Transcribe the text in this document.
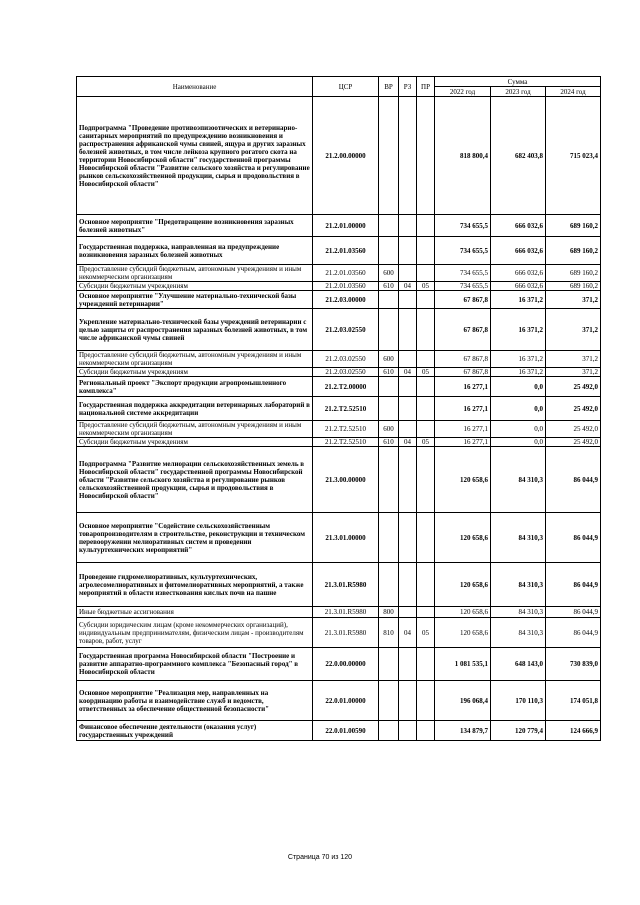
Наименование	ЦСР	ВР	РЗ	ПР	Сумма		
					2022 год	2023 год	2024 год
Подпрограмма "Проведение противоэпизоотических и ветеринарно-санитарных мероприятий по предупреждению возникновения и распространения африканской чумы свиней, ящура и других заразных болезней животных, в том числе лейкоза крупного рогатого скота на территории Новосибирской области" государственной программы Новосибирской области "Развитие сельского хозяйства и регулирование рынков сельскохозяйственной продукции, сырья и продовольствия в Новосибирской области"	21.2.00.00000				818 800,4	682 403,8	715 023,4
Основное мероприятие "Предотвращение возникновения заразных болезней животных"	21.2.01.00000				734 655,5	666 032,6	689 160,2
Государственная поддержка, направленная на предупреждение возникновения заразных болезней животных	21.2.01.03560				734 655,5	666 032,6	689 160,2
Предоставление субсидий бюджетным, автономным учреждениям и иным некоммерческим организациям	21.2.01.03560	600			734 655,5	666 032,6	689 160,2
Субсидии бюджетным учреждениям	21.2.01.03560	610	04	05	734 655,5	666 032,6	689 160,2
Основное мероприятие "Улучшение материально-технической базы учреждений ветеринарии"	21.2.03.00000				67 867,8	16 371,2	371,2
Укрепление материально-технической базы учреждений ветеринарии с целью защиты от распространения заразных болезней животных, в том числе африканской чумы свиней	21.2.03.02550				67 867,8	16 371,2	371,2
Предоставление субсидий бюджетным, автономным учреждениям и иным некоммерческим организациям	21.2.03.02550	600			67 867,8	16 371,2	371,2
Субсидии бюджетным учреждениям	21.2.03.02550	610	04	05	67 867,8	16 371,2	371,2
Региональный проект "Экспорт продукции агропромышленного комплекса"	21.2.T2.00000				16 277,1	0,0	25 492,0
Государственная поддержка аккредитации ветеринарных лабораторий в национальной системе аккредитации	21.2.T2.52510				16 277,1	0,0	25 492,0
Предоставление субсидий бюджетным, автономным учреждениям и иным некоммерческим организациям	21.2.T2.52510	600			16 277,1	0,0	25 492,0
Субсидии бюджетным учреждениям	21.2.T2.52510	610	04	05	16 277,1	0,0	25 492,0
Подпрограмма "Развитие мелиорации сельскохозяйственных земель в Новосибирской области" государственной программы Новосибирской области "Развитие сельского хозяйства и регулирование рынков сельскохозяйственной продукции, сырья и продовольствия в Новосибирской области"	21.3.00.00000				120 658,6	84 310,3	86 044,9
Основное мероприятие "Содействие сельскохозяйственным товаропроизводителям в строительстве, реконструкции и техническом перевооружении мелиоративных систем и проведении культуртехнических мероприятий"	21.3.01.00000				120 658,6	84 310,3	86 044,9
Проведение гидромелиоративных, культуртехнических, агролесомелиоративных и фитомелиоративных мероприятий, а также мероприятий в области известкования кислых почв на пашне	21.3.01.R5980				120 658,6	84 310,3	86 044,9
Иные бюджетные ассигнования	21.3.01.R5980	800			120 658,6	84 310,3	86 044,9
Субсидии юридическим лицам (кроме некоммерческих организаций), индивидуальным предпринимателям, физическим лицам - производителям товаров, работ, услуг	21.3.01.R5980	810	04	05	120 658,6	84 310,3	86 044,9
Государственная программа Новосибирской области "Построение и развитие аппаратно-программного комплекса "Безопасный город" в Новосибирской области	22.0.00.00000				1 081 535,1	648 143,0	730 839,0
Основное мероприятие "Реализация мер, направленных на координацию работы и взаимодействие служб и ведомств, ответственных за обеспечение общественной безопасности"	22.0.01.00000				196 068,4	170 110,3	174 051,8
Финансовое обеспечение деятельности (оказания услуг) государственных учреждений	22.0.01.00590				134 879,7	120 779,4	124 666,9
Страница 70 из 120
